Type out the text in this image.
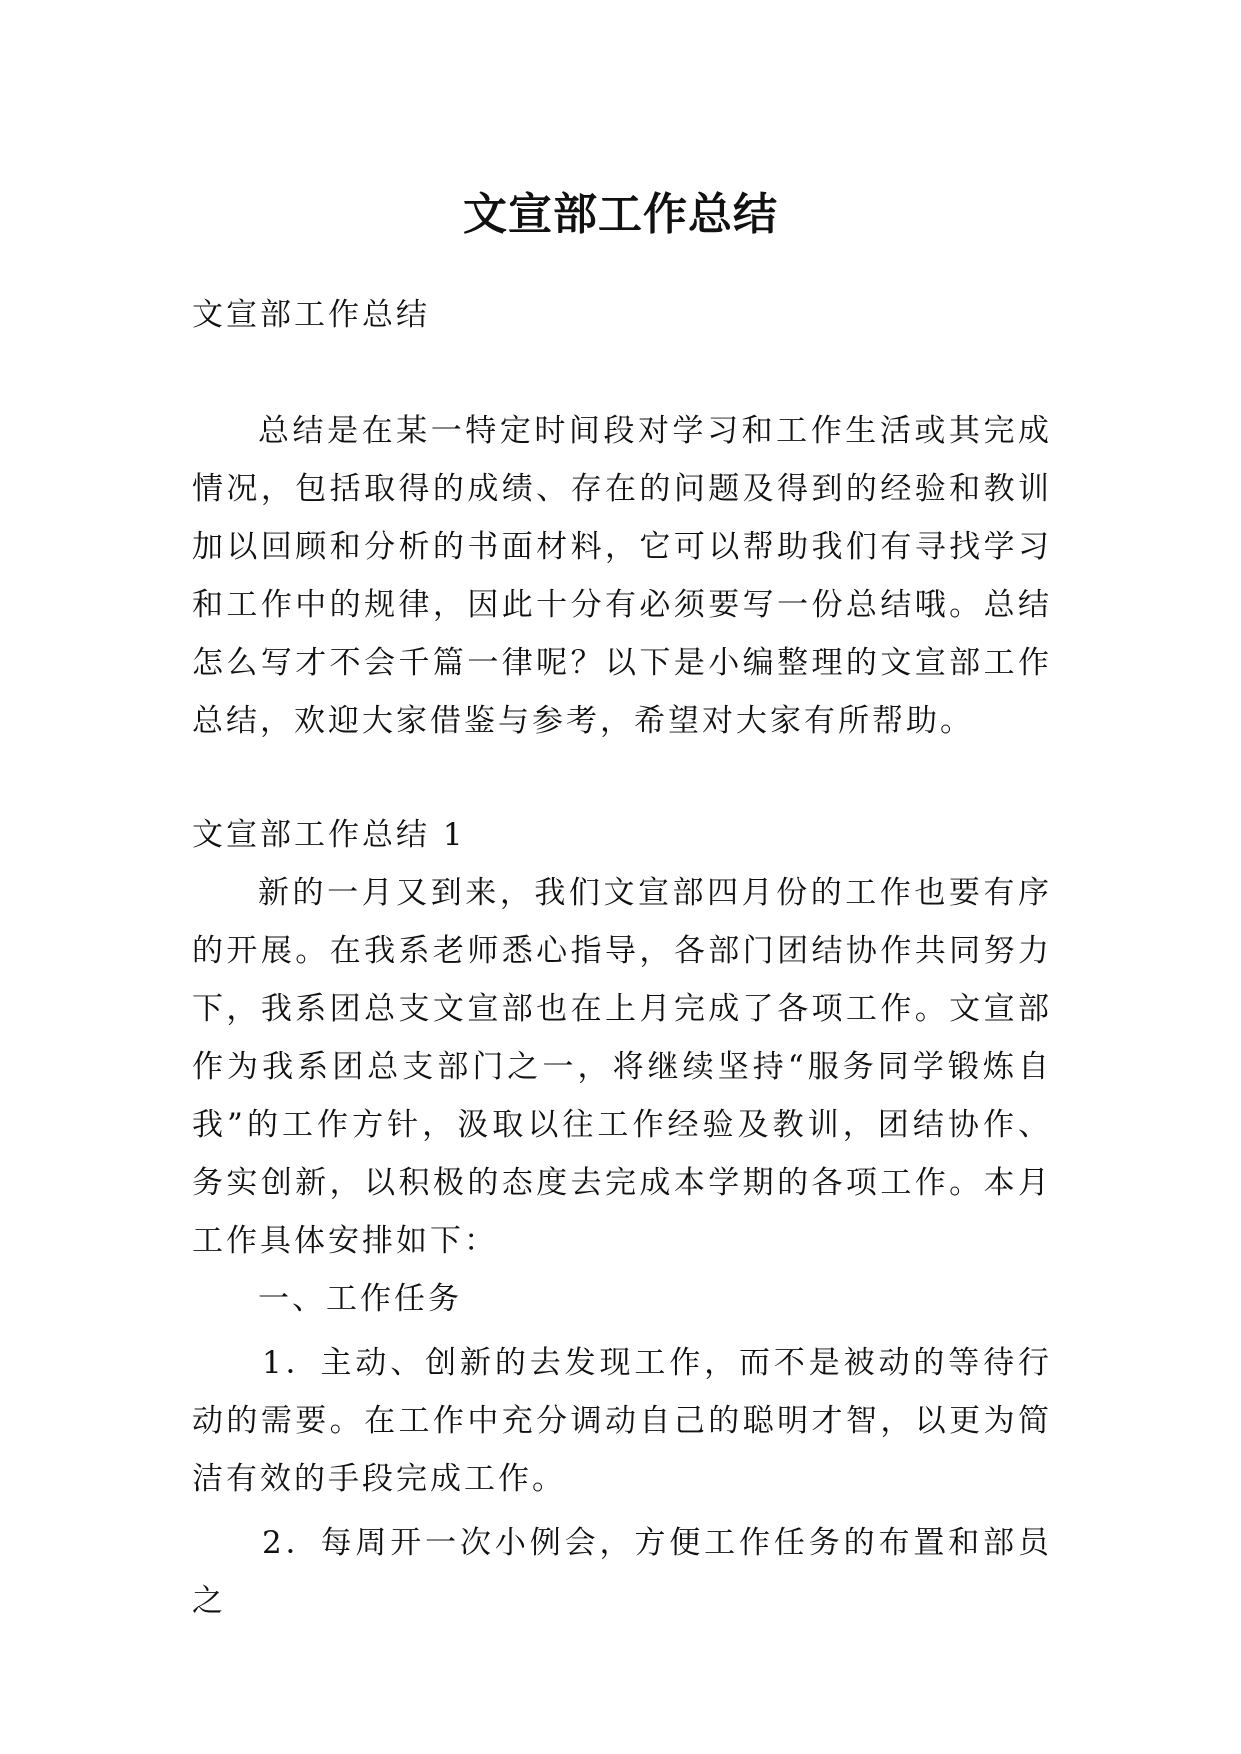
文宣部工作总结

文宣部工作总结

总结是在某一特定时间段对学习和工作生活或其完成情况，包括取得的成绩、存在的问题及得到的经验和教训加以回顾和分析的书面材料，它可以帮助我们有寻找学习和工作中的规律，因此十分有必须要写一份总结哦。总结怎么写才不会千篇一律呢？以下是小编整理的文宣部工作总结，欢迎大家借鉴与参考，希望对大家有所帮助。

文宣部工作总结 1

新的一月又到来，我们文宣部四月份的工作也要有序的开展。在我系老师悉心指导，各部门团结协作共同努力下，我系团总支文宣部也在上月完成了各项工作。文宣部作为我系团总支部门之一，将继续坚持“服务同学锻炼自我”的工作方针，汲取以往工作经验及教训，团结协作、务实创新，以积极的态度去完成本学期的各项工作。本月工作具体安排如下：

一、工作任务

1．主动、创新的去发现工作，而不是被动的等待行动的需要。在工作中充分调动自己的聪明才智，以更为简洁有效的手段完成工作。

2．每周开一次小例会，方便工作任务的布置和部员之
